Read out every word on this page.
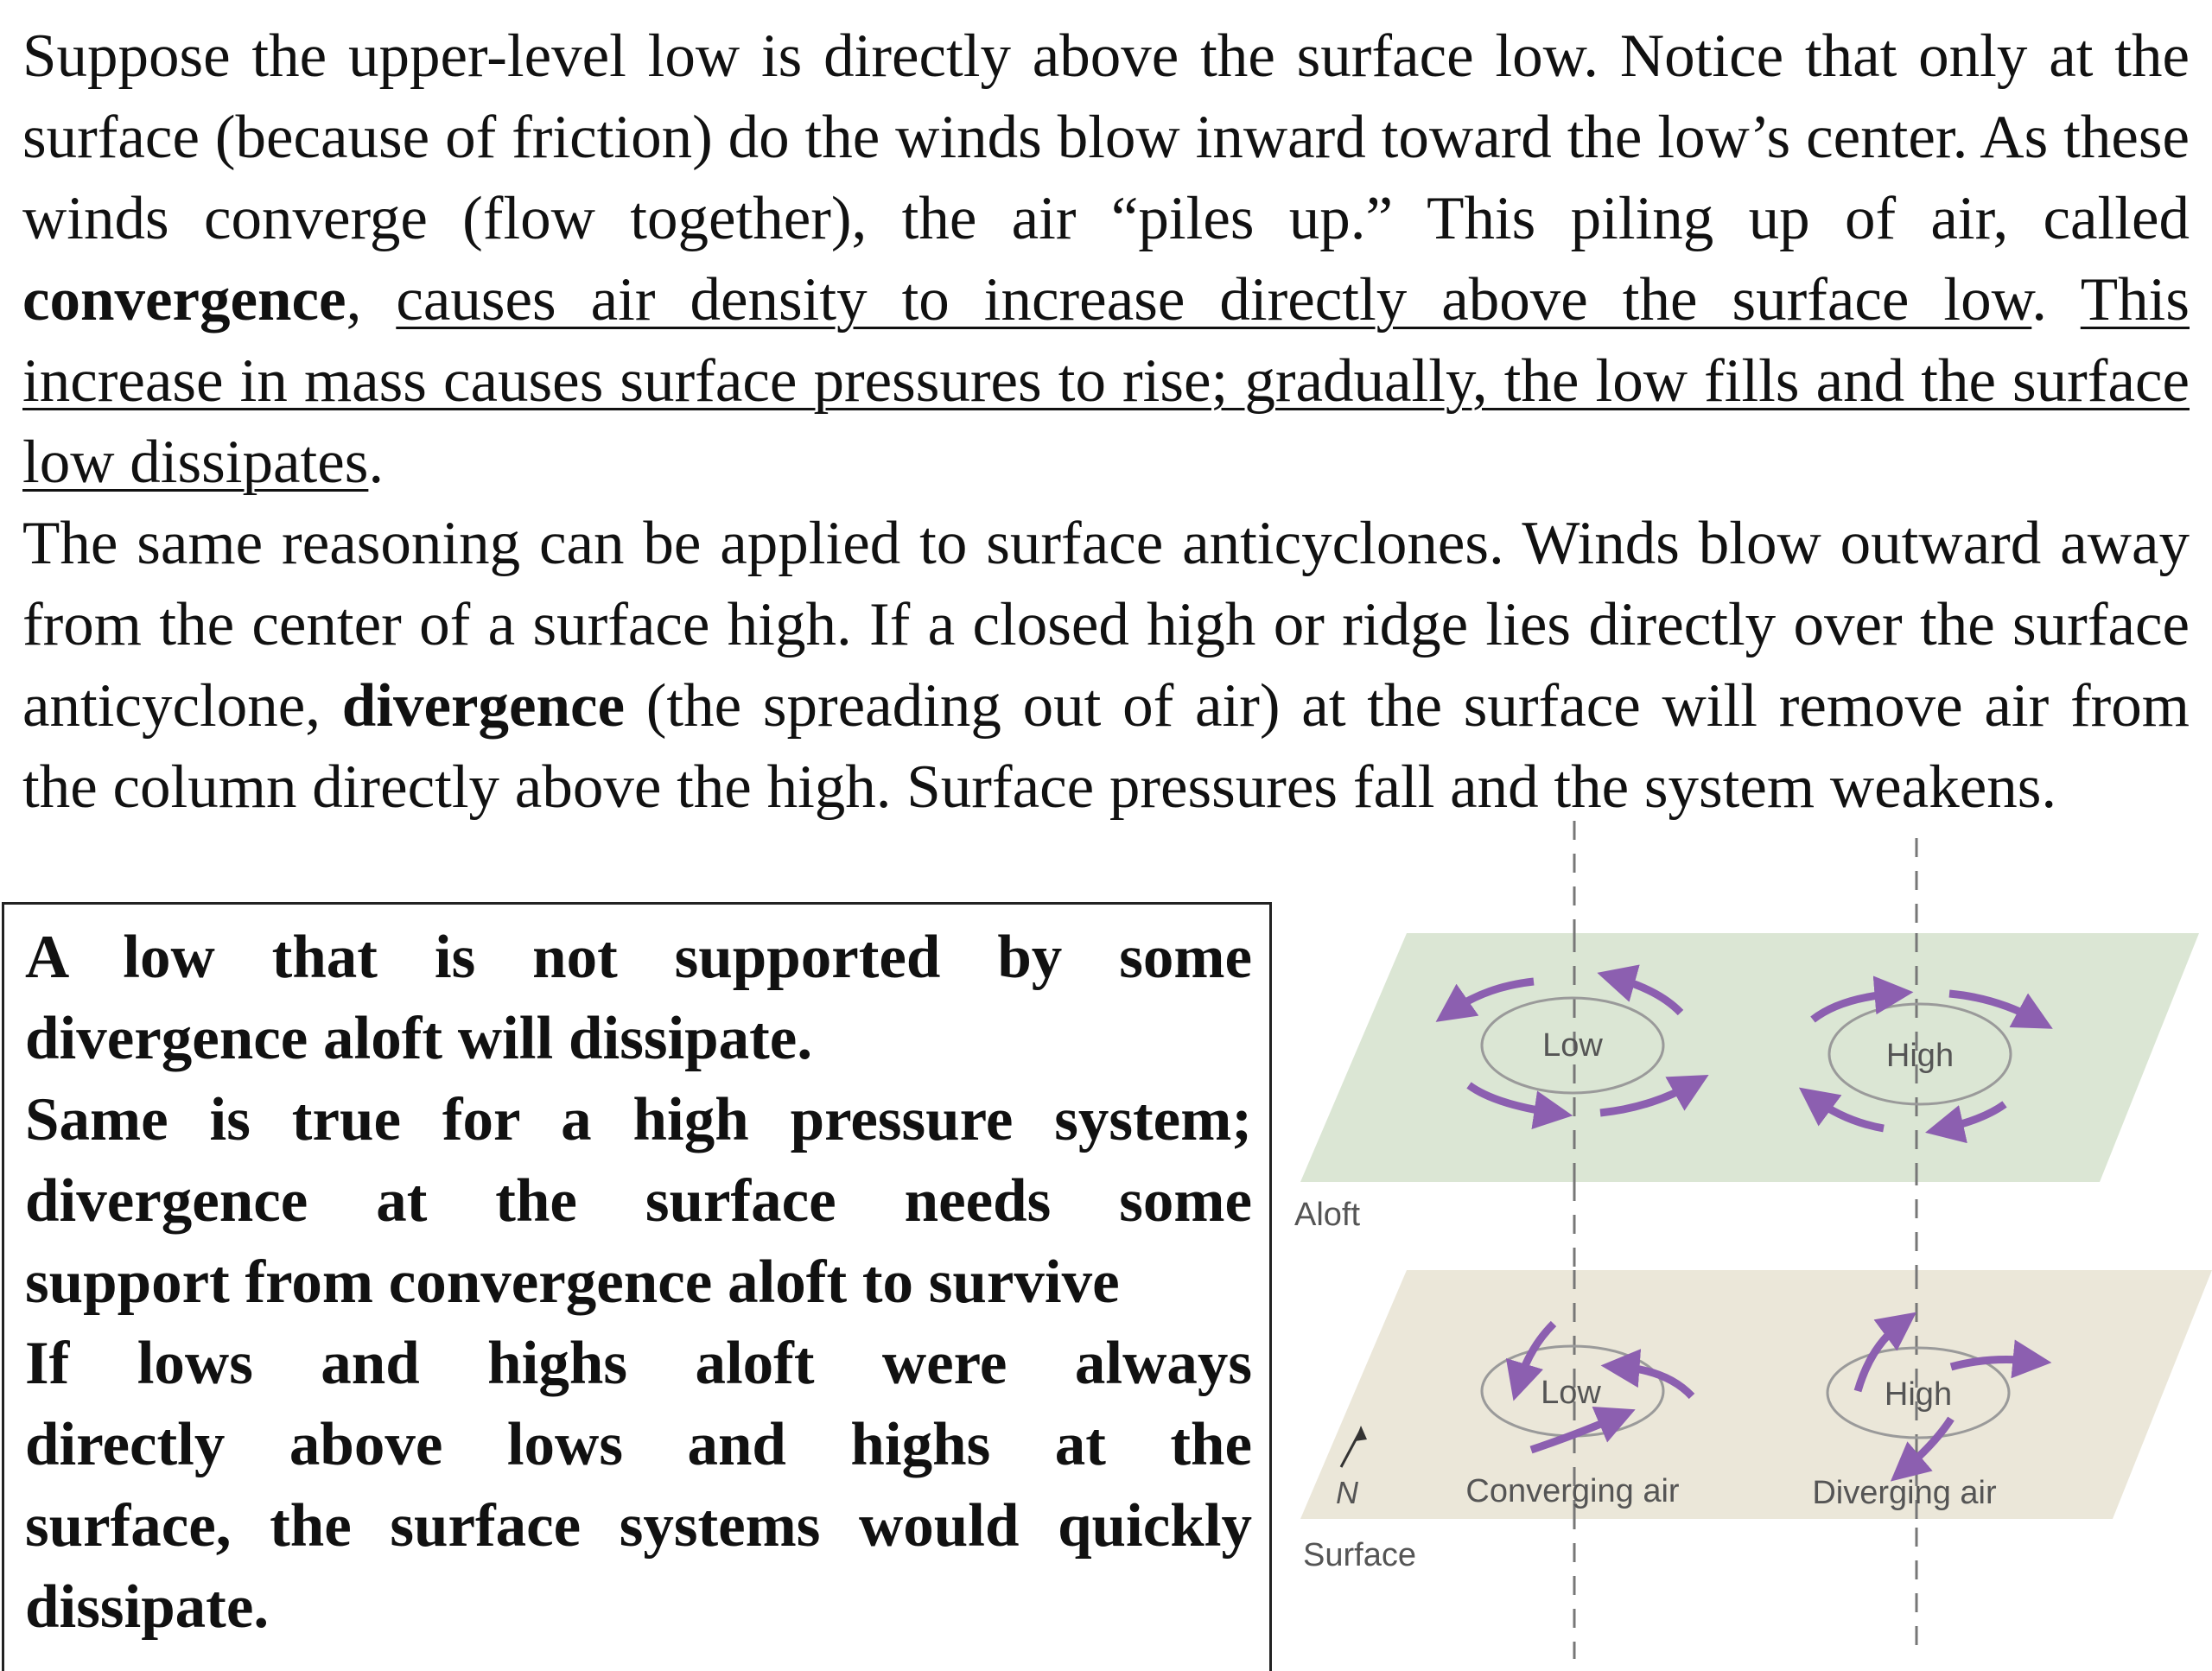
Suppose the upper-level low is directly above the surface low. Notice that only at the surface (because of friction) do the winds blow inward toward the low’s center. As these winds converge (flow together), the air “piles up.” This piling up of air, called convergence, causes air density to increase directly above the surface low. This increase in mass causes surface pressures to rise; gradually, the low fills and the surface low dissipates.

The same reasoning can be applied to surface anticyclones. Winds blow outward away from the center of a surface high. If a closed high or ridge lies directly over the surface anticyclone, divergence (the spreading out of air) at the surface will remove air from the column directly above the high. Surface pressures fall and the system weakens.

A low that is not supported by some
divergence aloft will dissipate.
Same is true for a high pressure system;
divergence at the surface needs some
support from convergence aloft to survive
If lows and highs aloft were always
directly above lows and highs at the
surface, the surface systems would quickly
dissipate.
Low	High
Low	High
Aloft
Surface
Converging air	Diverging air
N
